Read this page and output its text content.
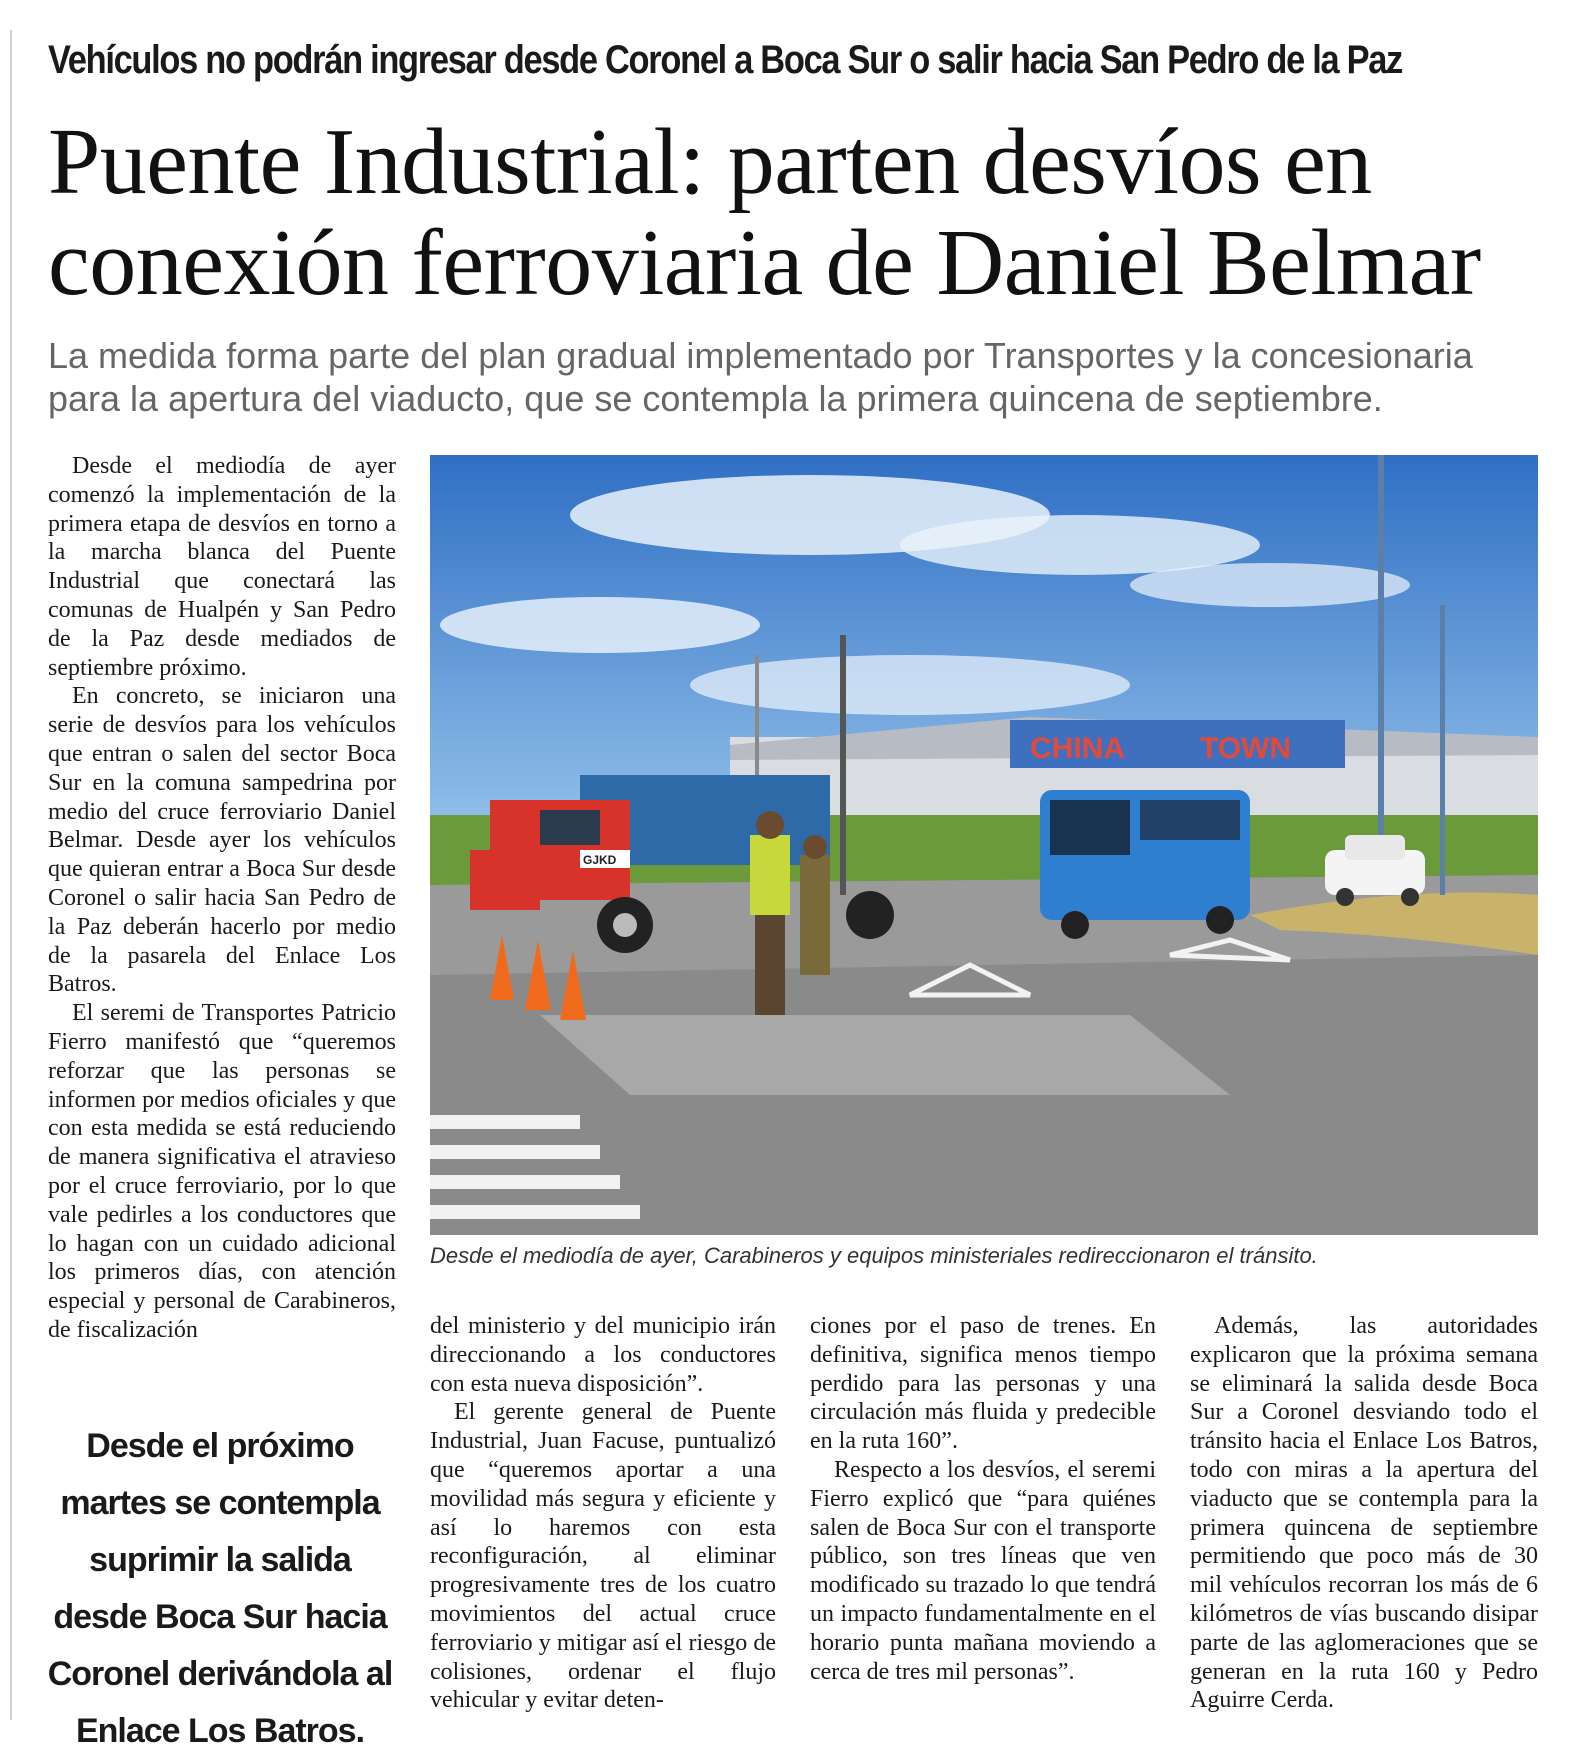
Vehículos no podrán ingresar desde Coronel a Boca Sur o salir hacia San Pedro de la Paz
Puente Industrial: parten desvíos en
conexión ferroviaria de Daniel Belmar
La medida forma parte del plan gradual implementado por Transportes y la concesionaria para la apertura del viaducto, que se contempla la primera quincena de septiembre.

Desde el mediodía de ayer comenzó la implementación de la primera etapa de desvíos en torno a la marcha blanca del Puente Industrial que conectará las comunas de Hualpén y San Pedro de la Paz desde mediados de septiembre próximo.

En concreto, se iniciaron una serie de desvíos para los vehículos que entran o salen del sector Boca Sur en la comuna sampedrina por medio del cruce ferroviario Daniel Belmar. Desde ayer los vehículos que quieran entrar a Boca Sur desde Coronel o salir hacia San Pedro de la Paz deberán hacerlo por medio de la pasarela del Enlace Los Batros.

El seremi de Transportes Patricio Fierro manifestó que “queremos reforzar que las personas se informen por medios oficiales y que con esta medida se está reduciendo de manera significativa el atravieso por el cruce ferroviario, por lo que vale pedirles a los conductores que lo hagan con un cuidado adicional los primeros días, con atención especial y personal de Carabineros, de fiscalización

CHINA	TOWN
GJKD
Desde el mediodía de ayer, Carabineros y equipos ministeriales redireccionaron el tránsito.

del ministerio y del municipio irán direccionando a los conductores con esta nueva disposición”.

El gerente general de Puente Industrial, Juan Facuse, puntualizó que “queremos aportar a una movilidad más segura y eficiente y así lo haremos con esta reconfiguración, al eliminar progresivamente tres de los cuatro movimientos del actual cruce ferroviario y mitigar así el riesgo de colisiones, ordenar el flujo vehicular y evitar deten-

ciones por el paso de trenes. En definitiva, significa menos tiempo perdido para las personas y una circulación más fluida y predecible en la ruta 160”.

Respecto a los desvíos, el seremi Fierro explicó que “para quiénes salen de Boca Sur con el transporte público, son tres líneas que ven modificado su trazado lo que tendrá un impacto fundamentalmente en el horario punta mañana moviendo a cerca de tres mil personas”.

Además, las autoridades explicaron que la próxima semana se eliminará la salida desde Boca Sur a Coronel desviando todo el tránsito hacia el Enlace Los Batros, todo con miras a la apertura del viaducto que se contempla para la primera quincena de septiembre permitiendo que poco más de 30 mil vehículos recorran los más de 6 kilómetros de vías buscando disipar parte de las aglomeraciones que se generan en la ruta 160 y Pedro Aguirre Cerda.

Desde el próximo martes se contempla suprimir la salida desde Boca Sur hacia Coronel derivándola al Enlace Los Batros.
